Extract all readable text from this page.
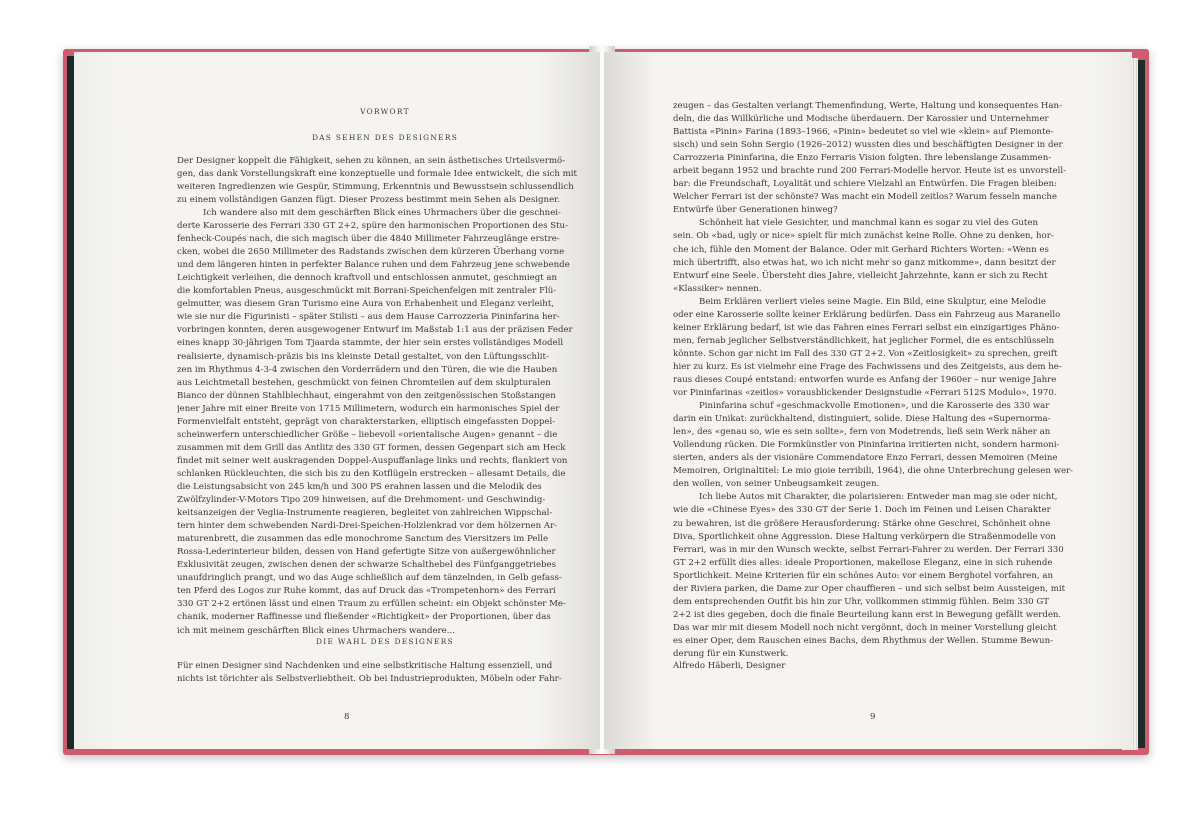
VORWORT
DAS SEHEN DES DESIGNERS
Der Designer koppelt die Fähigkeit, sehen zu können, an sein ästhetisches Urteilsvermö-
gen, das dank Vorstellungskraft eine konzeptuelle und formale Idee entwickelt, die sich mit
weiteren Ingredienzen wie Gespür, Stimmung, Erkenntnis und Bewusstsein schlussendlich
zu einem vollständigen Ganzen fügt. Dieser Prozess bestimmt mein Sehen als Designer.
Ich wandere also mit dem geschärften Blick eines Uhrmachers über die geschnei-
derte Karosserie des Ferrari 330 GT 2+2, spüre den harmonischen Proportionen des Stu-
fenheck-Coupés nach, die sich magisch über die 4840 Millimeter Fahrzeuglänge erstre-
cken, wobei die 2650 Millimeter des Radstands zwischen dem kürzeren Überhang vorne
und dem längeren hinten in perfekter Balance ruhen und dem Fahrzeug jene schwebende
Leichtigkeit verleihen, die dennoch kraftvoll und entschlossen anmutet, geschmiegt an
die komfortablen Pneus, ausgeschmückt mit Borrani-Speichenfelgen mit zentraler Flü-
gelmutter, was diesem Gran Turismo eine Aura von Erhabenheit und Eleganz verleiht,
wie sie nur die Figurinisti – später Stilisti – aus dem Hause Carrozzeria Pininfarina her-
vorbringen konnten, deren ausgewogener Entwurf im Maßstab 1:1 aus der präzisen Feder
eines knapp 30-jährigen Tom Tjaarda stammte, der hier sein erstes vollständiges Modell
realisierte, dynamisch-präzis bis ins kleinste Detail gestaltet, von den Lüftungsschlit-
zen im Rhythmus 4-3-4 zwischen den Vorderrädern und den Türen, die wie die Hauben
aus Leichtmetall bestehen, geschmückt von feinen Chromteilen auf dem skulpturalen
Bianco der dünnen Stahlblechhaut, eingerahmt von den zeitgenössischen Stoßstangen
jener Jahre mit einer Breite von 1715 Millimetern, wodurch ein harmonisches Spiel der
Formenvielfalt entsteht, geprägt von charakterstarken, elliptisch eingefassten Doppel-
scheinwerfern unterschiedlicher Größe – liebevoll «orientalische Augen» genannt – die
zusammen mit dem Grill das Antlitz des 330 GT formen, dessen Gegenpart sich am Heck
findet mit seiner weit auskragenden Doppel-Auspuffanlage links und rechts, flankiert von
schlanken Rückleuchten, die sich bis zu den Kotflügeln erstrecken – allesamt Details, die
die Leistungsabsicht von 245 km/h und 300 PS erahnen lassen und die Melodik des
Zwölfzylinder-V-Motors Tipo 209 hinweisen, auf die Drehmoment- und Geschwindig-
keitsanzeigen der Veglia-Instrumente reagieren, begleitet von zahlreichen Wippschal-
tern hinter dem schwebenden Nardi-Drei-Speichen-Holzlenkrad vor dem hölzernen Ar-
maturenbrett, die zusammen das edle monochrome Sanctum des Viersitzers im Pelle
Rossa-Lederinterieur bilden, dessen von Hand gefertigte Sitze von außergewöhnlicher
Exklusivität zeugen, zwischen denen der schwarze Schalthebel des Fünfganggetriebes
unaufdringlich prangt, und wo das Auge schließlich auf dem tänzelnden, in Gelb gefass-
ten Pferd des Logos zur Ruhe kommt, das auf Druck das «Trompetenhorn» des Ferrari
330 GT 2+2 ertönen lässt und einen Traum zu erfüllen scheint: ein Objekt schönster Me-
chanik, moderner Raffinesse und fließender «Richtigkeit» der Proportionen, über das
ich mit meinem geschärften Blick eines Uhrmachers wandere...
DIE WAHL DES DESIGNERS
Für einen Designer sind Nachdenken und eine selbstkritische Haltung essenziell, und
nichts ist törichter als Selbstverliebtheit. Ob bei Industrieprodukten, Möbeln oder Fahr-
8
zeugen – das Gestalten verlangt Themenfindung, Werte, Haltung und konsequentes Han-
deln, die das Willkürliche und Modische überdauern. Der Karossier und Unternehmer
Battista «Pinin» Farina (1893–1966, «Pinin» bedeutet so viel wie «klein» auf Piemonte-
sisch) und sein Sohn Sergio (1926–2012) wussten dies und beschäftigten Designer in der
Carrozzeria Pininfarina, die Enzo Ferraris Vision folgten. Ihre lebenslange Zusammen-
arbeit begann 1952 und brachte rund 200 Ferrari-Modelle hervor. Heute ist es unvorstell-
bar: die Freundschaft, Loyalität und schiere Vielzahl an Entwürfen. Die Fragen bleiben:
Welcher Ferrari ist der schönste? Was macht ein Modell zeitlos? Warum fesseln manche
Entwürfe über Generationen hinweg?
Schönheit hat viele Gesichter, und manchmal kann es sogar zu viel des Guten
sein. Ob «bad, ugly or nice» spielt für mich zunächst keine Rolle. Ohne zu denken, hor-
che ich, fühle den Moment der Balance. Oder mit Gerhard Richters Worten: «Wenn es
mich übertrifft, also etwas hat, wo ich nicht mehr so ganz mitkomme», dann besitzt der
Entwurf eine Seele. Übersteht dies Jahre, vielleicht Jahrzehnte, kann er sich zu Recht
«Klassiker» nennen.
Beim Erklären verliert vieles seine Magie. Ein Bild, eine Skulptur, eine Melodie
oder eine Karosserie sollte keiner Erklärung bedürfen. Dass ein Fahrzeug aus Maranello
keiner Erklärung bedarf, ist wie das Fahren eines Ferrari selbst ein einzigartiges Phäno-
men, fernab jeglicher Selbstverständlichkeit, hat jeglicher Formel, die es entschlüsseln
könnte. Schon gar nicht im Fall des 330 GT 2+2. Von «Zeitlosigkeit» zu sprechen, greift
hier zu kurz. Es ist vielmehr eine Frage des Fachwissens und des Zeitgeists, aus dem he-
raus dieses Coupé entstand: entworfen wurde es Anfang der 1960er – nur wenige Jahre
vor Pininfarinas «zeitlos» vorausblickender Designstudie «Ferrari 512S Modulo», 1970.
Pininfarina schuf «geschmackvolle Emotionen», und die Karosserie des 330 war
darin ein Unikat: zurückhaltend, distinguiert, solide. Diese Haltung des «Supernorma-
len», des «genau so, wie es sein sollte», fern von Modetrends, ließ sein Werk näher an
Vollendung rücken. Die Formkünstler von Pininfarina irritierten nicht, sondern harmoni-
sierten, anders als der visionäre Commendatore Enzo Ferrari, dessen Memoiren (Meine
Memoiren, Originaltitel: Le mio gioie terribili, 1964), die ohne Unterbrechung gelesen wer-
den wollen, von seiner Unbeugsamkeit zeugen.
Ich liebe Autos mit Charakter, die polarisieren: Entweder man mag sie oder nicht,
wie die «Chinese Eyes» des 330 GT der Serie 1. Doch im Feinen und Leisen Charakter
zu bewahren, ist die größere Herausforderung: Stärke ohne Geschrei, Schönheit ohne
Diva, Sportlichkeit ohne Aggression. Diese Haltung verkörpern die Straßenmodelle von
Ferrari, was in mir den Wunsch weckte, selbst Ferrari-Fahrer zu werden. Der Ferrari 330
GT 2+2 erfüllt dies alles: ideale Proportionen, makellose Eleganz, eine in sich ruhende
Sportlichkeit. Meine Kriterien für ein schönes Auto: vor einem Berghotel vorfahren, an
der Riviera parken, die Dame zur Oper chauffieren – und sich selbst beim Aussteigen, mit
dem entsprechenden Outfit bis hin zur Uhr, vollkommen stimmig fühlen. Beim 330 GT
2+2 ist dies gegeben, doch die finale Beurteilung kann erst in Bewegung gefällt werden.
Das war mir mit diesem Modell noch nicht vergönnt, doch in meiner Vorstellung gleicht
es einer Oper, dem Rauschen eines Bachs, dem Rhythmus der Wellen. Stumme Bewun-
derung für ein Kunstwerk.
Alfredo Häberli, Designer
9
